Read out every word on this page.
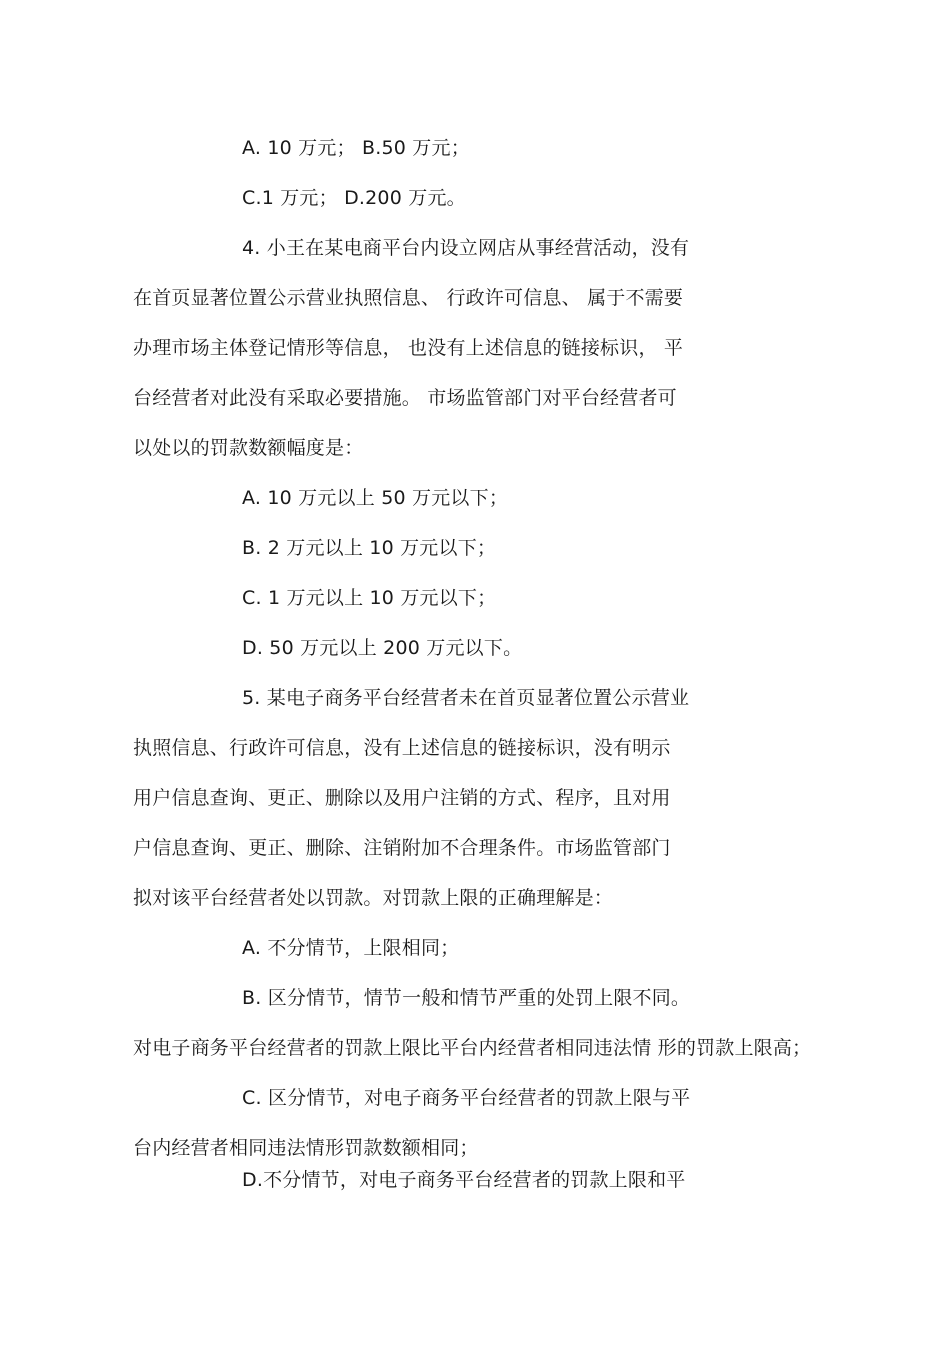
A. 10 万元； B.50 万元；
C.1 万元； D.200 万元。
4. 小王在某电商平台内设立网店从事经营活动，没有
在首页显著位置公示营业执照信息、 行政许可信息、 属于不需要
办理市场主体登记情形等信息， 也没有上述信息的链接标识， 平
台经营者对此没有采取必要措施。 市场监管部门对平台经营者可
以处以的罚款数额幅度是：
A. 10 万元以上 50 万元以下；
B. 2 万元以上 10 万元以下；
C. 1 万元以上 10 万元以下；
D. 50 万元以上 200 万元以下。
5. 某电子商务平台经营者未在首页显著位置公示营业
执照信息、行政许可信息，没有上述信息的链接标识，没有明示
用户信息查询、更正、删除以及用户注销的方式、程序，且对用
户信息查询、更正、删除、注销附加不合理条件。市场监管部门
拟对该平台经营者处以罚款。对罚款上限的正确理解是：
A. 不分情节，上限相同；
B. 区分情节，情节一般和情节严重的处罚上限不同。
对电子商务平台经营者的罚款上限比平台内经营者相同违法情 形的罚款上限高；
C. 区分情节，对电子商务平台经营者的罚款上限与平
台内经营者相同违法情形罚款数额相同；
D.不分情节，对电子商务平台经营者的罚款上限和平
